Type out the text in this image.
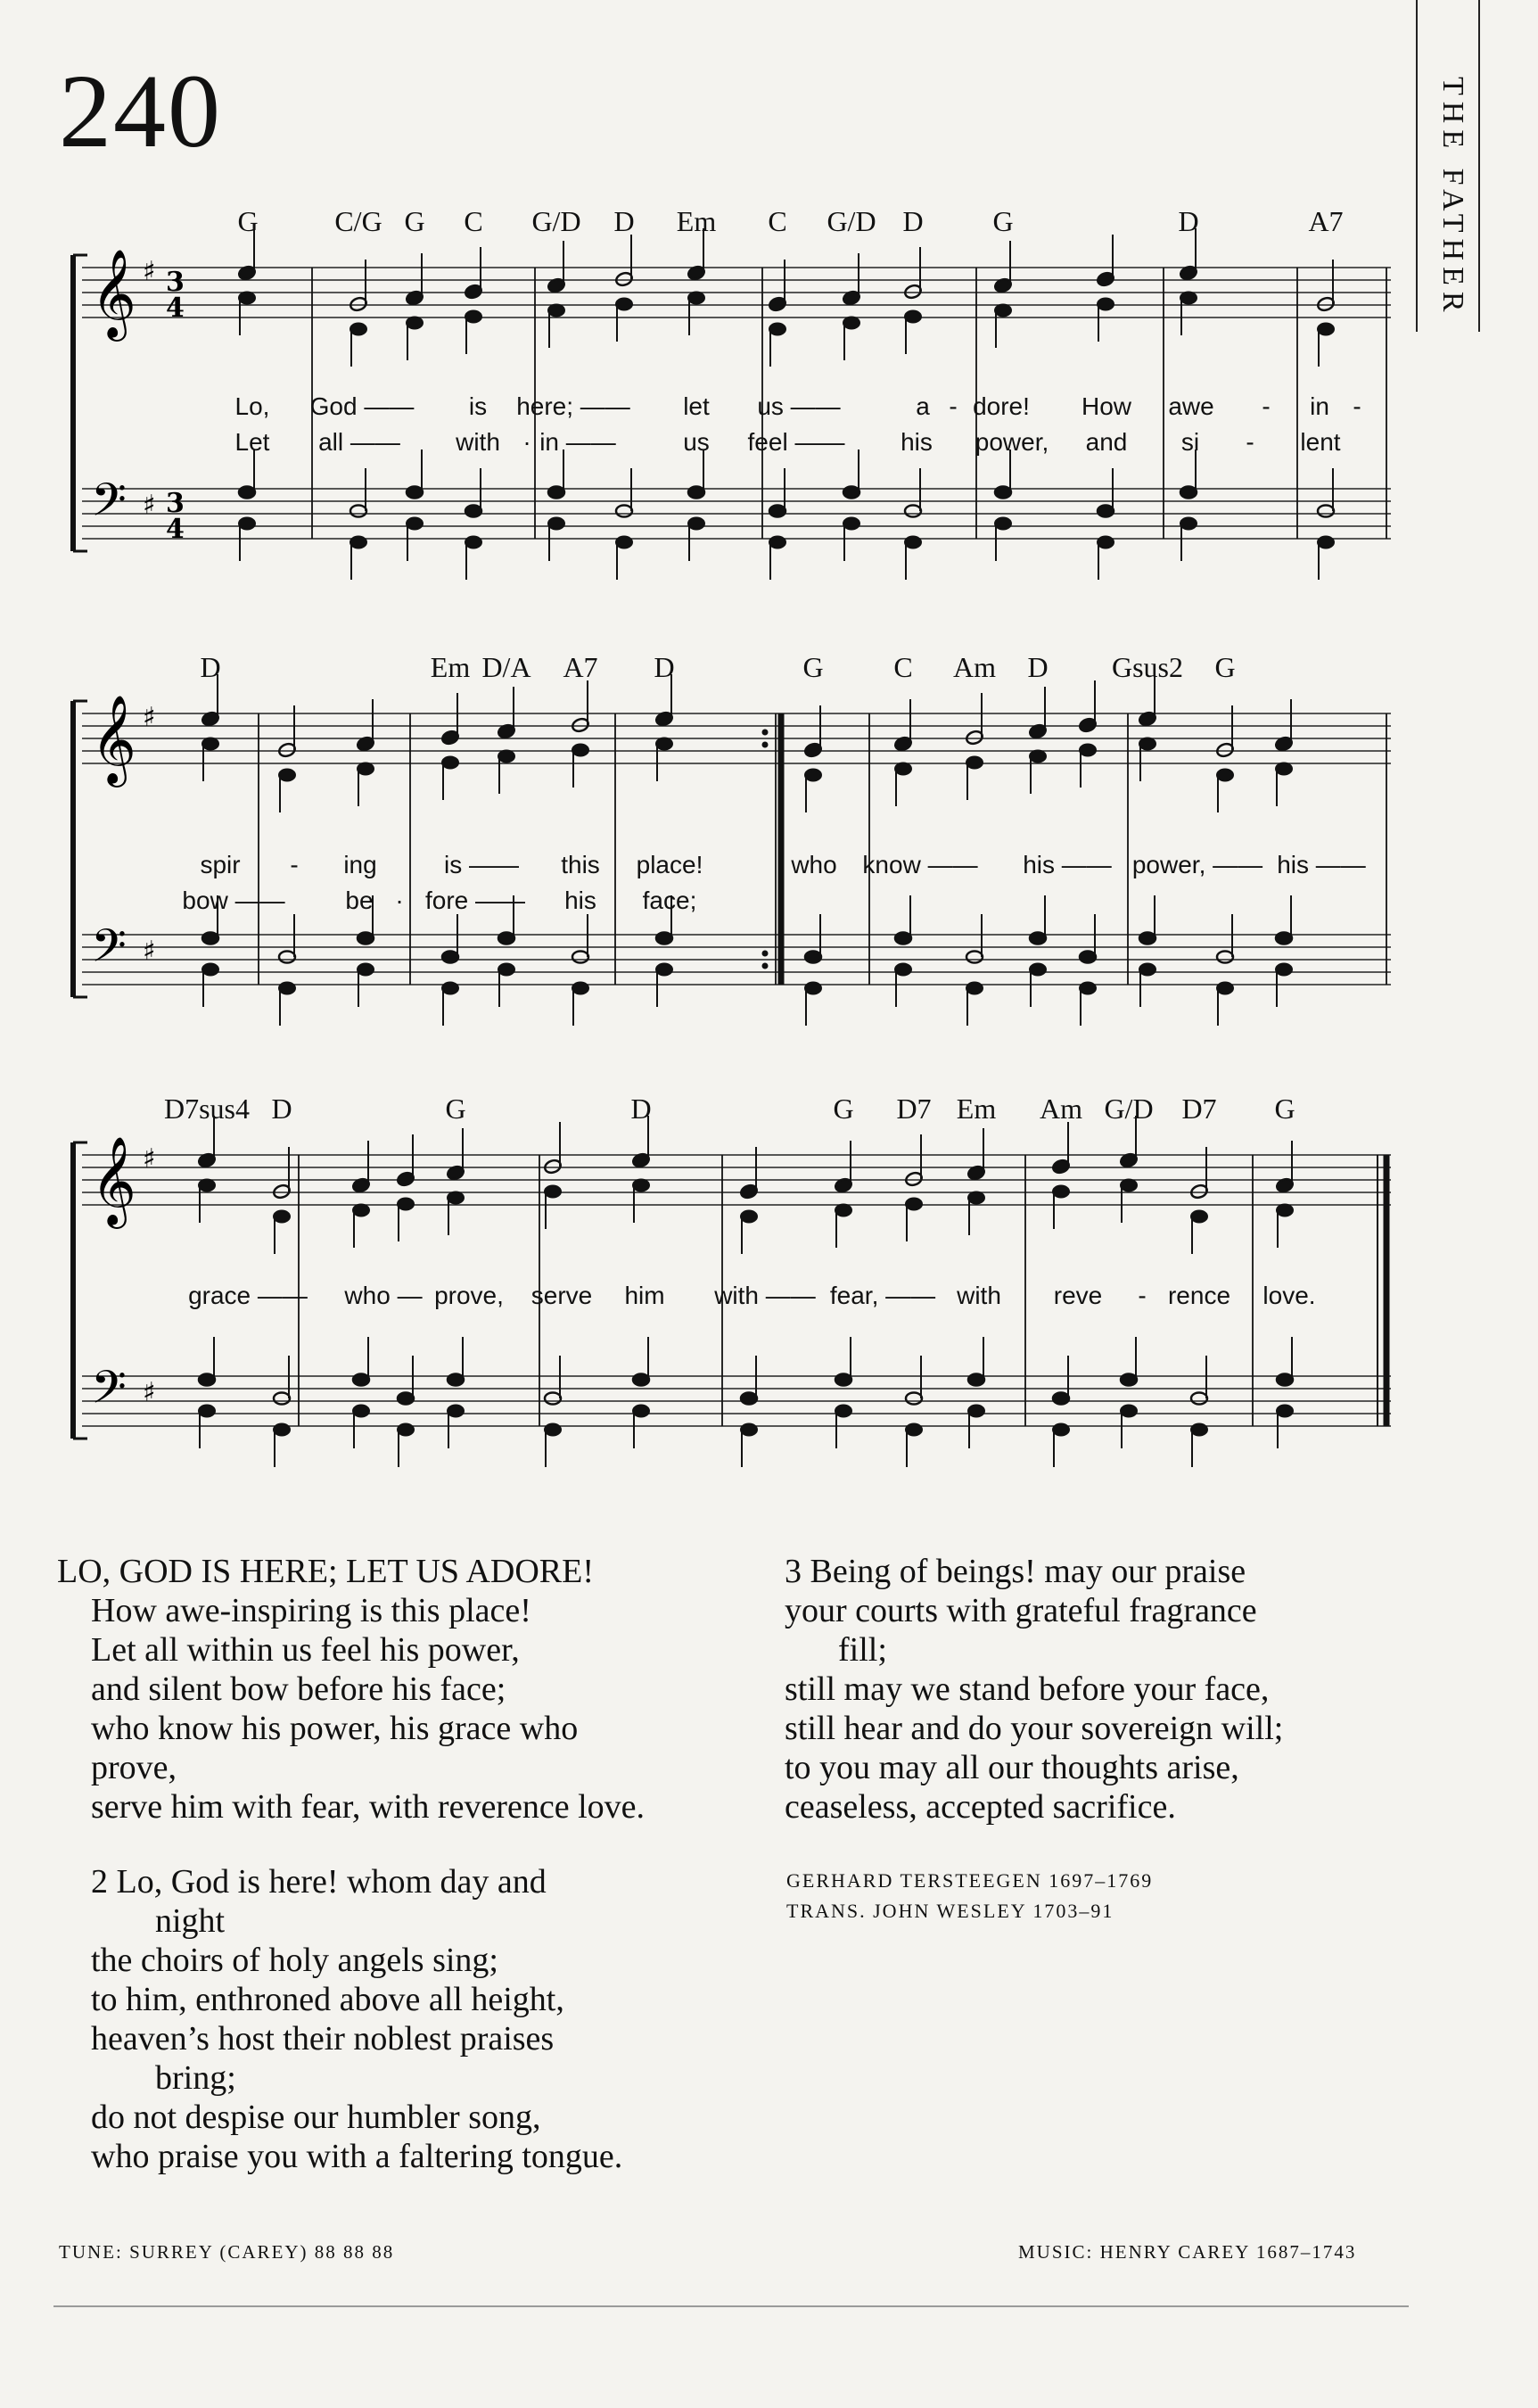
240	THE FATHER
G	C/G G C G/D D Em C G/D D G	D	A7
𝄞 ♯ 3
4
𝄢 ♯ 3
4
Lo, God —— is here; —— let us ——	a - dore! How awe - in -
Let all —— with · in ——	us feel —— his power, and si - lent
D	Em D/A A7 D	G C Am D Gsus2 G
𝄞 ♯
𝄢 ♯
spir - ing	is —— this place!	who know —— his —— power, —— his ——
bow —— be · fore —— his face;
D7sus4 D	G	D	G D7 Em Am G/D D7 G
𝄞 ♯
𝄢 ♯
grace —— who — prove, serve him with —— fear, —— with reve - rence love.
LO, GOD IS HERE; LET US ADORE!
How awe-inspiring is this place!
Let all within us feel his power,
and silent bow before his face;
who know his power, his grace who
prove,
serve him with fear, with reverence love.
2 Lo, God is here! whom day and
night
the choirs of holy angels sing;
to him, enthroned above all height,
heaven’s host their noblest praises
bring;
do not despise our humbler song,
who praise you with a faltering tongue.
3 Being of beings! may our praise
your courts with grateful fragrance
fill;
still may we stand before your face,
still hear and do your sovereign will;
to you may all our thoughts arise,
ceaseless, accepted sacrifice.
GERHARD TERSTEEGEN 1697–1769
TRANS. JOHN WESLEY 1703–91
TUNE: SURREY (CAREY) 88 88 88	MUSIC: HENRY CAREY 1687–1743
